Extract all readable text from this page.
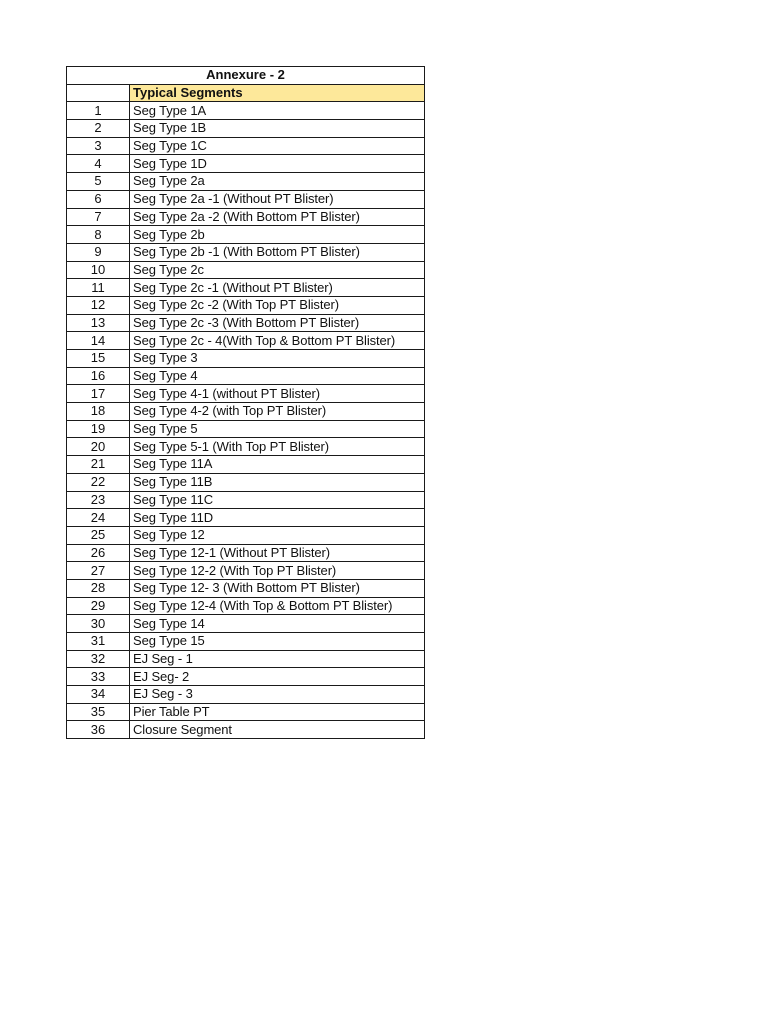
Annexure - 2	
	Typical Segments
1	Seg Type 1A
2	Seg Type 1B
3	Seg Type 1C
4	Seg Type 1D
5	Seg Type 2a
6	Seg Type 2a -1 (Without PT Blister)
7	Seg Type 2a -2 (With Bottom PT Blister)
8	Seg Type 2b
9	Seg Type 2b -1 (With Bottom PT Blister)
10	Seg Type 2c
11	Seg Type 2c -1 (Without PT Blister)
12	Seg Type 2c -2 (With Top PT Blister)
13	Seg Type 2c -3 (With Bottom PT Blister)
14	Seg Type 2c - 4(With Top & Bottom PT Blister)
15	Seg Type 3
16	Seg Type 4
17	Seg Type 4-1 (without PT Blister)
18	Seg Type 4-2 (with Top PT Blister)
19	Seg Type 5
20	Seg Type 5-1 (With Top PT Blister)
21	Seg Type 11A
22	Seg Type 11B
23	Seg Type 11C
24	Seg Type 11D
25	Seg Type 12
26	Seg Type 12-1 (Without PT Blister)
27	Seg Type 12-2 (With Top PT Blister)
28	Seg Type 12- 3 (With Bottom PT Blister)
29	Seg Type 12-4 (With Top & Bottom PT Blister)
30	Seg Type 14
31	Seg Type 15
32	EJ Seg - 1
33	EJ Seg- 2
34	EJ Seg - 3
35	Pier Table PT
36	Closure Segment
